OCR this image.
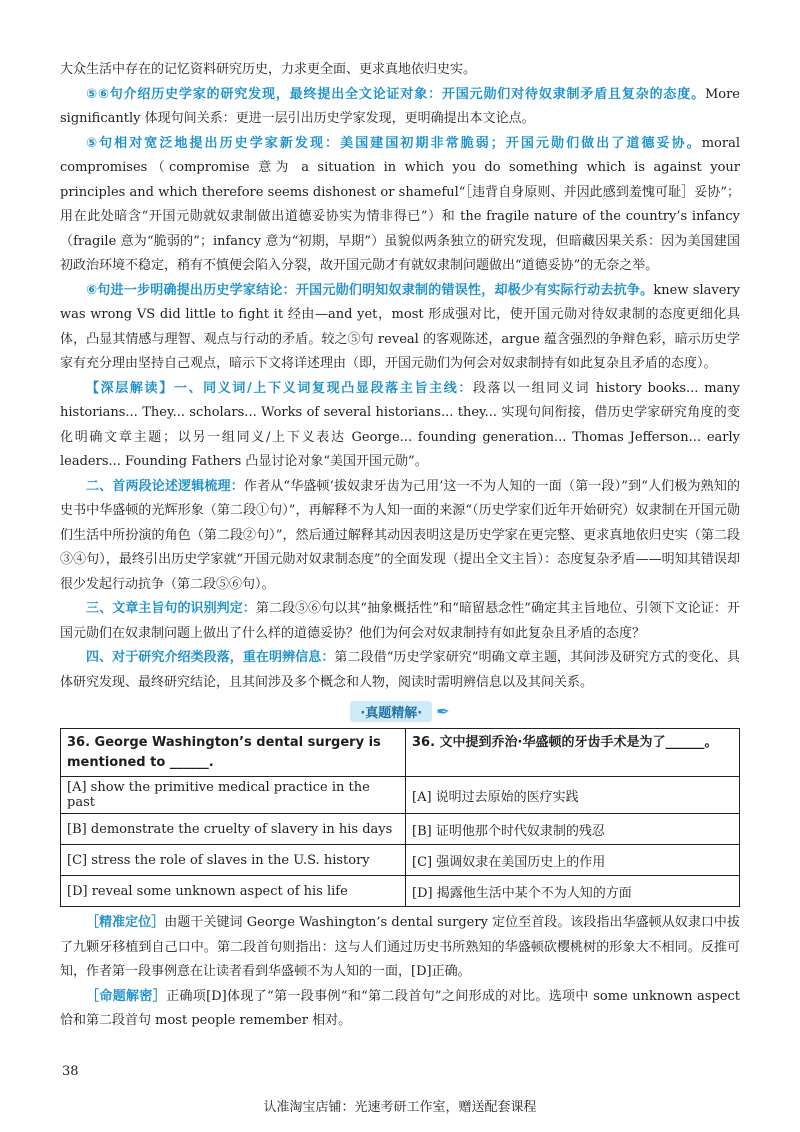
大众生活中存在的记忆资料研究历史，力求更全面、更求真地依归史实。

⑤⑥句介绍历史学家的研究发现，最终提出全文论证对象：开国元勋们对待奴隶制矛盾且复杂的态度。More significantly 体现句间关系：更进一层引出历史学家发现，更明确提出本文论点。

⑤句相对宽泛地提出历史学家新发现：美国建国初期非常脆弱；开国元勋们做出了道德妥协。moral compromises（compromise 意为 a situation in which you do something which is against your principles and which therefore seems dishonest or shameful“［违背自身原则、并因此感到羞愧可耻］妥协”；用在此处暗含“开国元勋就奴隶制做出道德妥协实为情非得已”）和 the fragile nature of the country’s infancy（fragile 意为“脆弱的”；infancy 意为“初期，早期”）虽貌似两条独立的研究发现，但暗藏因果关系：因为美国建国初政治环境不稳定，稍有不慎便会陷入分裂，故开国元勋才有就奴隶制问题做出“道德妥协”的无奈之举。

⑥句进一步明确提出历史学家结论：开国元勋们明知奴隶制的错误性，却极少有实际行动去抗争。knew slavery was wrong VS did little to fight it 经由—and yet，most 形成强对比，使开国元勋对待奴隶制的态度更细化具体，凸显其情感与理智、观点与行动的矛盾。较之⑤句 reveal 的客观陈述，argue 蕴含强烈的争辩色彩，暗示历史学家有充分理由坚持自己观点，暗示下文将详述理由（即，开国元勋们为何会对奴隶制持有如此复杂且矛盾的态度）。

【深层解读】一、同义词/上下义词复现凸显段落主旨主线：段落以一组同义词 history books... many historians... They... scholars... Works of several historians... they... 实现句间衔接，借历史学家研究角度的变化明确文章主题；以另一组同义/上下义表达 George... founding generation... Thomas Jefferson... early leaders... Founding Fathers 凸显讨论对象“美国开国元勋”。

二、首两段论述逻辑梳理：作者从“华盛顿‘拔奴隶牙齿为己用’这一不为人知的一面（第一段）”到“人们极为熟知的史书中华盛顿的光辉形象（第二段①句）”，再解释不为人知一面的来源“（历史学家们近年开始研究）奴隶制在开国元勋们生活中所扮演的角色（第二段②句）”，然后通过解释其动因表明这是历史学家在更完整、更求真地依归史实（第二段③④句），最终引出历史学家就“开国元勋对奴隶制态度”的全面发现（提出全文主旨）：态度复杂矛盾——明知其错误却很少发起行动抗争（第二段⑤⑥句）。

三、文章主旨句的识别判定：第二段⑤⑥句以其“抽象概括性”和“暗留悬念性”确定其主旨地位、引领下文论证：开国元勋们在奴隶制问题上做出了什么样的道德妥协？他们为何会对奴隶制持有如此复杂且矛盾的态度？

四、对于研究介绍类段落，重在明辨信息：第二段借“历史学家研究”明确文章主题，其间涉及研究方式的变化、具体研究发现、最终研究结论，且其间涉及多个概念和人物，阅读时需明辨信息以及其间关系。

·真题精解· ✒
36. George Washington’s dental surgery is mentioned to ______.	36. 文中提到乔治·华盛顿的牙齿手术是为了______。
[A] show the primitive medical practice in the past	[A] 说明过去原始的医疗实践
[B] demonstrate the cruelty of slavery in his days	[B] 证明他那个时代奴隶制的残忍
[C] stress the role of slaves in the U.S. history	[C] 强调奴隶在美国历史上的作用
[D] reveal some unknown aspect of his life	[D] 揭露他生活中某个不为人知的方面

［精准定位］由题干关键词 George Washington’s dental surgery 定位至首段。该段指出华盛顿从奴隶口中拔了九颗牙移植到自己口中。第二段首句则指出：这与人们通过历史书所熟知的华盛顿砍樱桃树的形象大不相同。反推可知，作者第一段事例意在让读者看到华盛顿不为人知的一面，[D]正确。

［命题解密］正确项[D]体现了“第一段事例”和“第二段首句”之间形成的对比。选项中 some unknown aspect 恰和第二段首句 most people remember 相对。

38
认准淘宝店铺：光速考研工作室，赠送配套课程
